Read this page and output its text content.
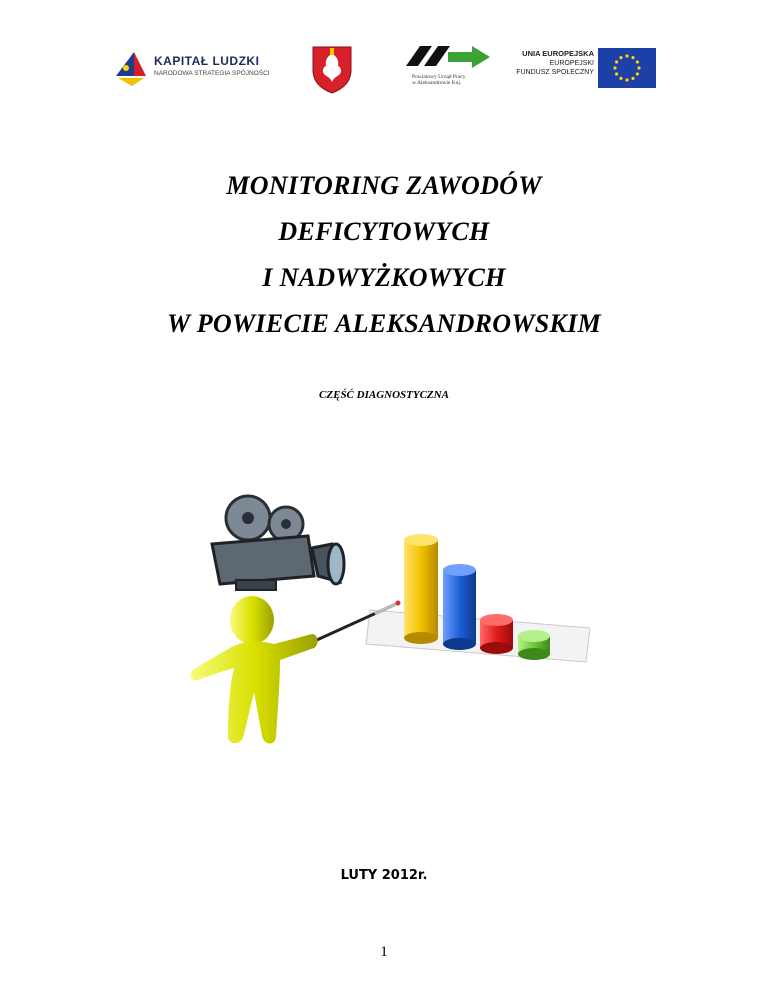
KAPITAŁ LUDZKI
NARODOWA STRATEGIA SPÓJNOŚCI	Powiatowy Urząd Pracy
w Aleksandrowie Kuj.
UNIA EUROPEJSKA
EUROPEJSKI
FUNDUSZ SPOŁECZNY
MONITORING ZAWODÓW
DEFICYTOWYCH
I NADWYŻKOWYCH
W POWIECIE ALEKSANDROWSKIM

CZĘŚĆ DIAGNOSTYCZNA

LUTY 2012r.
1
